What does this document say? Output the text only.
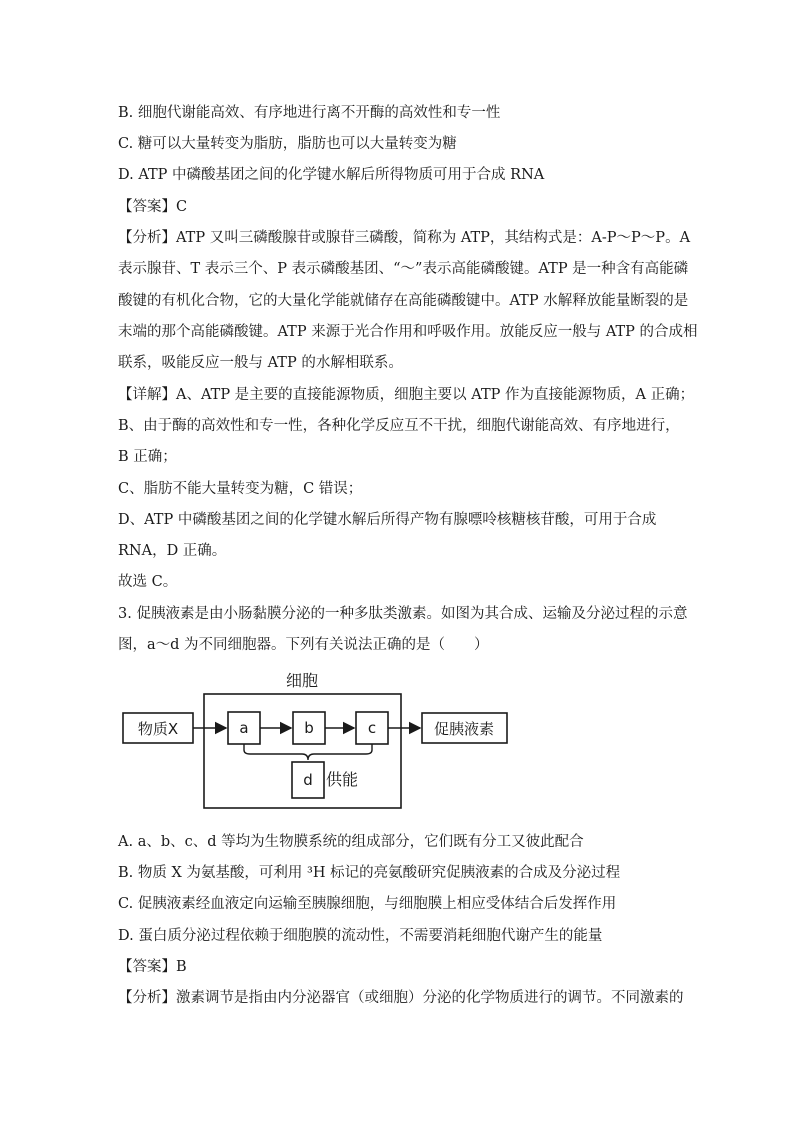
B. 细胞代谢能高效、有序地进行离不开酶的高效性和专一性
C. 糖可以大量转变为脂肪，脂肪也可以大量转变为糖
D. ATP 中磷酸基团之间的化学键水解后所得物质可用于合成 RNA
【答案】C
【分析】ATP 又叫三磷酸腺苷或腺苷三磷酸，简称为 ATP，其结构式是：A-P～P～P。A
表示腺苷、T 表示三个、P 表示磷酸基团、“～”表示高能磷酸键。ATP 是一种含有高能磷
酸键的有机化合物，它的大量化学能就储存在高能磷酸键中。ATP 水解释放能量断裂的是
末端的那个高能磷酸键。ATP 来源于光合作用和呼吸作用。放能反应一般与 ATP 的合成相
联系，吸能反应一般与 ATP 的水解相联系。
【详解】A、ATP 是主要的直接能源物质，细胞主要以 ATP 作为直接能源物质，A 正确；
B、由于酶的高效性和专一性，各种化学反应互不干扰，细胞代谢能高效、有序地进行，
B 正确；
C、脂肪不能大量转变为糖，C 错误；
D、ATP 中磷酸基团之间的化学键水解后所得产物有腺嘌呤核糖核苷酸，可用于合成
RNA，D 正确。
故选 C。
3. 促胰液素是由小肠黏膜分泌的一种多肽类激素。如图为其合成、运输及分泌过程的示意
图，a～d 为不同细胞器。下列有关说法正确的是（　　）
细胞
物质X	促胰液素
a	b	c
d 供能
A. a、b、c、d 等均为生物膜系统的组成部分，它们既有分工又彼此配合
B. 物质 X 为氨基酸，可利用 ³H 标记的亮氨酸研究促胰液素的合成及分泌过程
C. 促胰液素经血液定向运输至胰腺细胞，与细胞膜上相应受体结合后发挥作用
D. 蛋白质分泌过程依赖于细胞膜的流动性，不需要消耗细胞代谢产生的能量
【答案】B
【分析】激素调节是指由内分泌器官（或细胞）分泌的化学物质进行的调节。不同激素的
